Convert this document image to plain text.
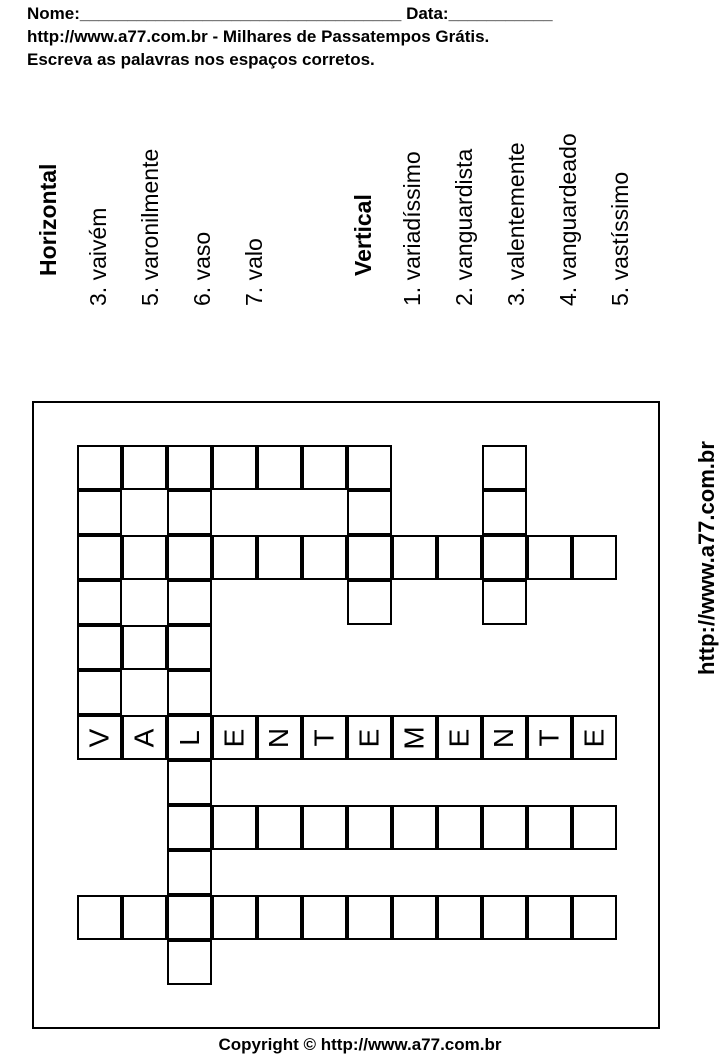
Nome:__________________________________ Data:___________
http://www.a77.com.br - Milhares de Passatempos Grátis.
Escreva as palavras nos espaços corretos.
Horizontal 3. vaivém 5. varonilmente 6. vaso 7. valo	Vertical 1. variadíssimo 2. vanguardista 3. valentemente 4. vanguardeado 5. vastíssimo
http://www.a77.com.br
Copyright © http://www.a77.com.br
V A L E N T E M E N T E
